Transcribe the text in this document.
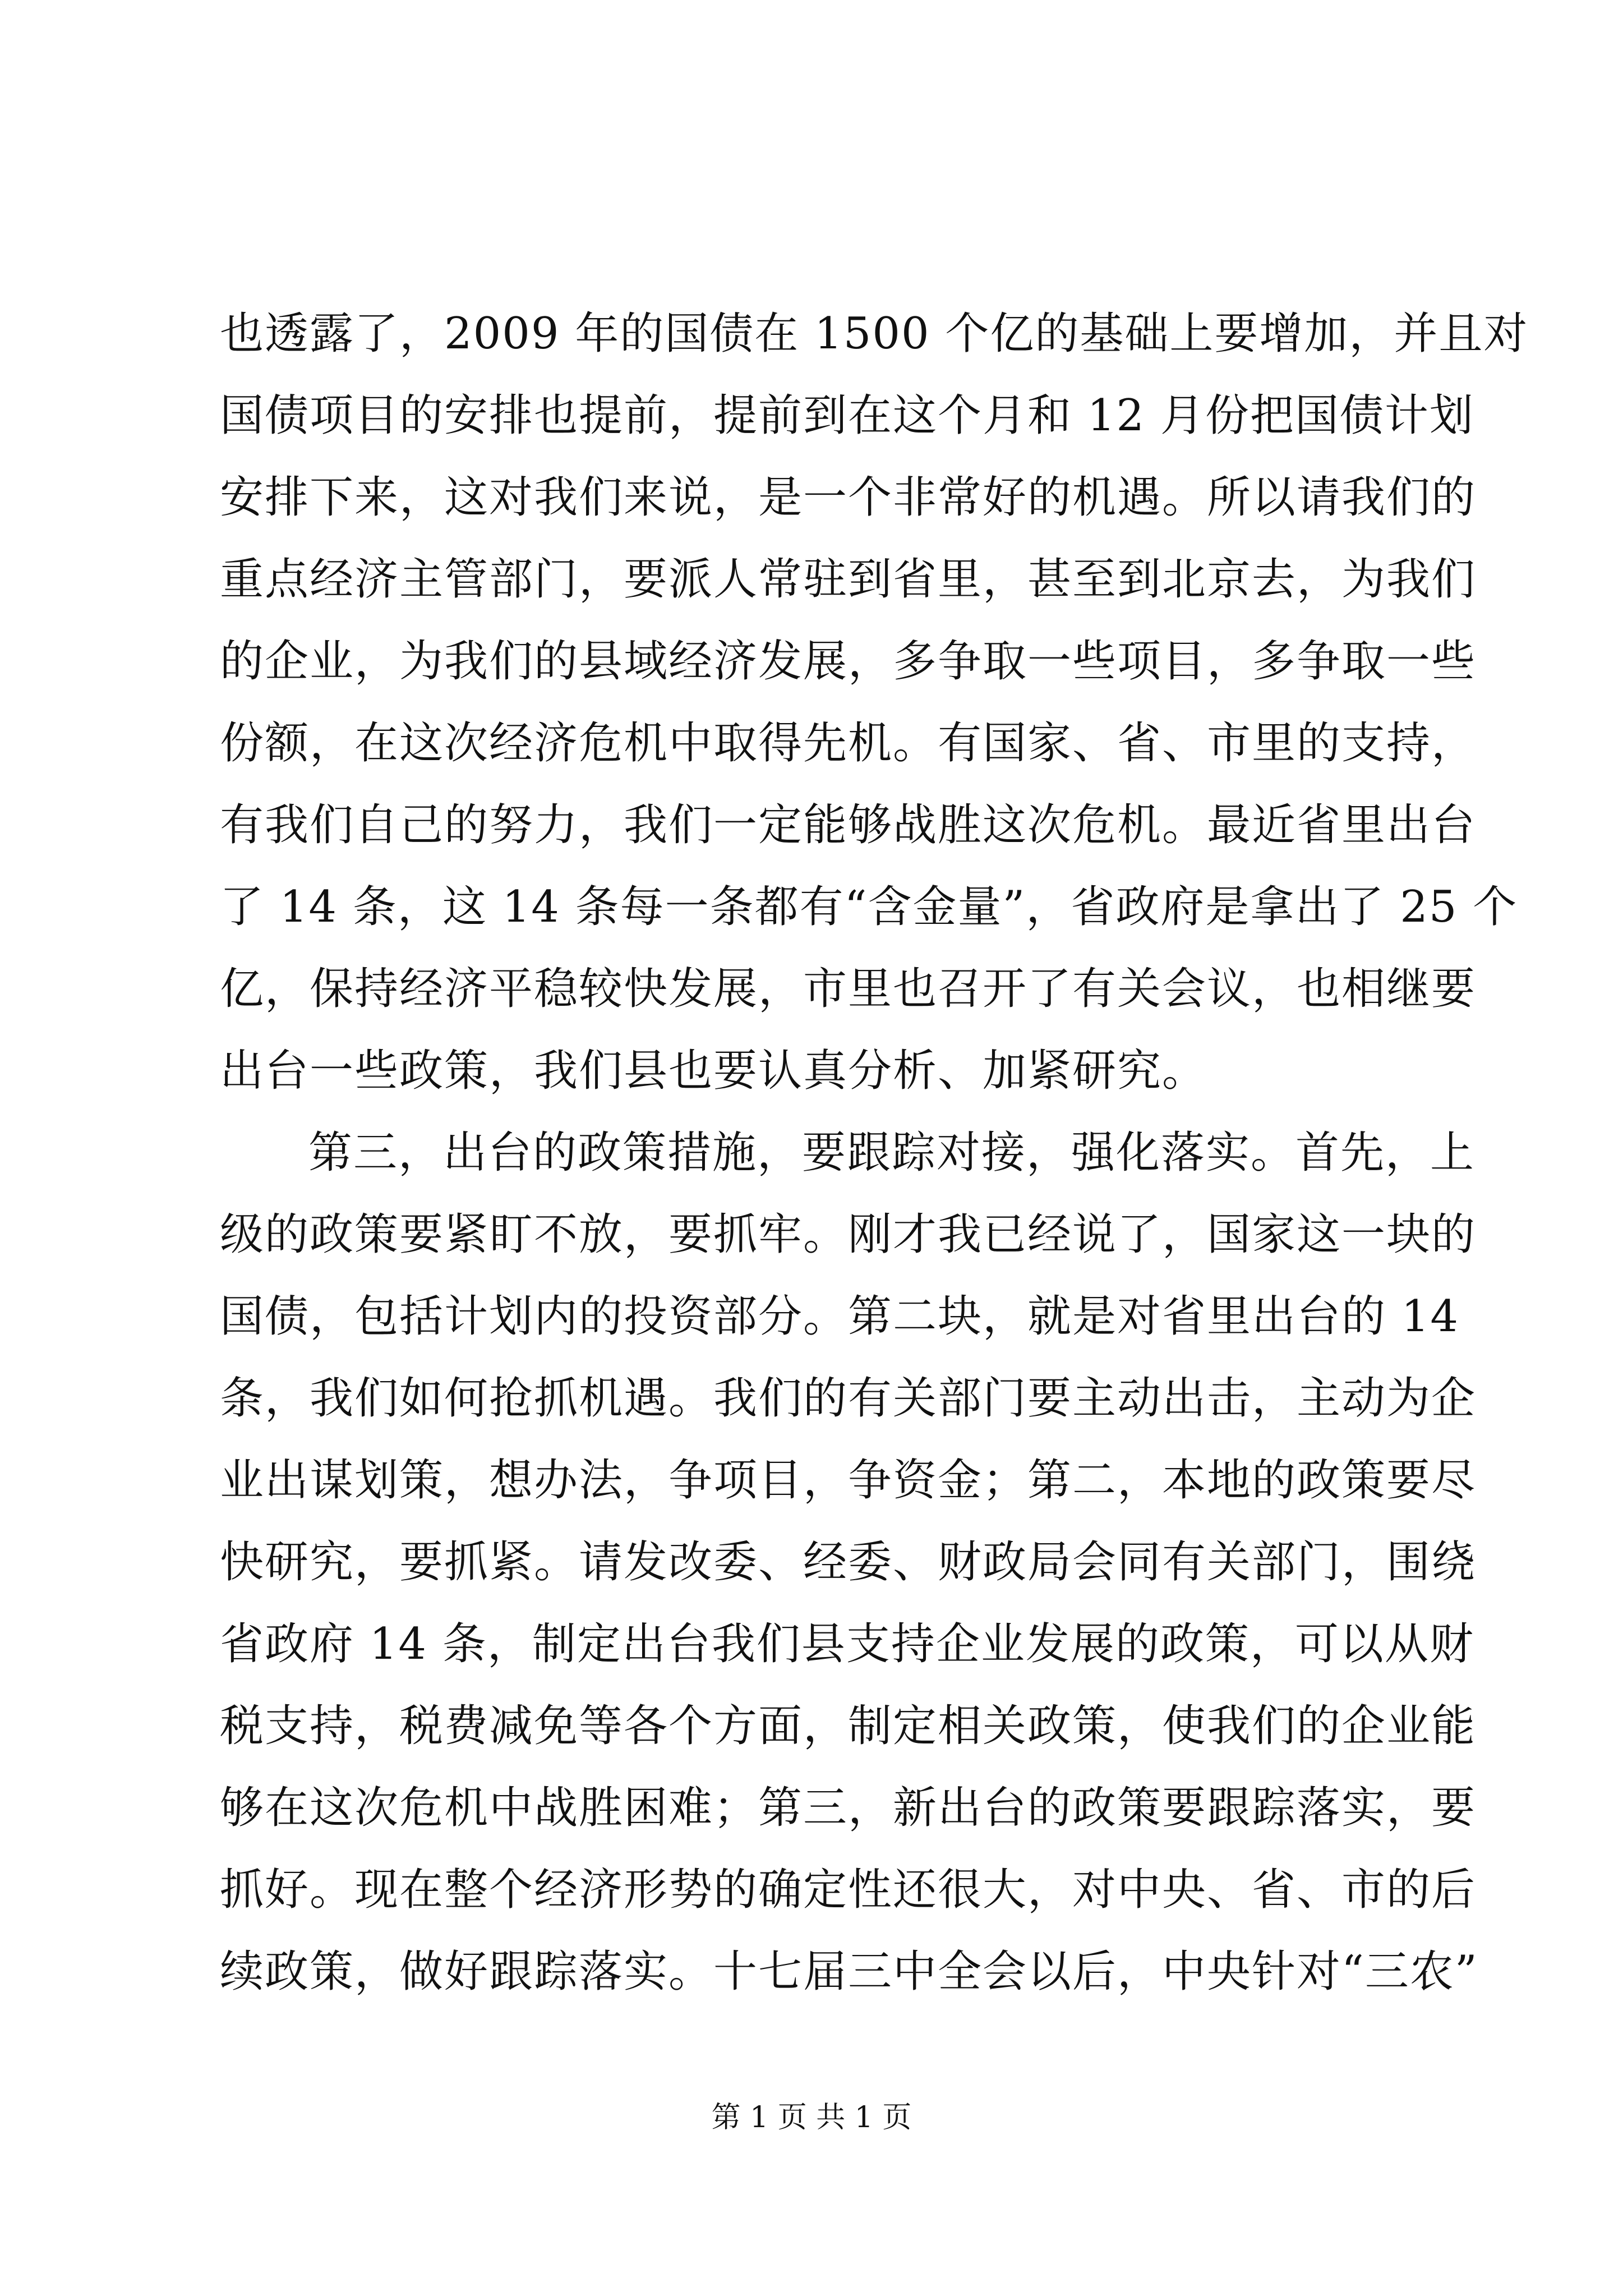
也透露了，2009 年的国债在 1500 个亿的基础上要增加，并且对
国债项目的安排也提前，提前到在这个月和 12 月份把国债计划
安排下来，这对我们来说，是一个非常好的机遇。所以请我们的
重点经济主管部门，要派人常驻到省里，甚至到北京去，为我们
的企业，为我们的县域经济发展，多争取一些项目，多争取一些
份额，在这次经济危机中取得先机。有国家、省、市里的支持，
有我们自己的努力，我们一定能够战胜这次危机。最近省里出台
了 14 条，这 14 条每一条都有“含金量”，省政府是拿出了 25 个
亿，保持经济平稳较快发展，市里也召开了有关会议，也相继要
出台一些政策，我们县也要认真分析、加紧研究。
第三，出台的政策措施，要跟踪对接，强化落实。首先，上
级的政策要紧盯不放，要抓牢。刚才我已经说了，国家这一块的
国债，包括计划内的投资部分。第二块，就是对省里出台的 14
条，我们如何抢抓机遇。我们的有关部门要主动出击，主动为企
业出谋划策，想办法，争项目，争资金；第二，本地的政策要尽
快研究，要抓紧。请发改委、经委、财政局会同有关部门，围绕
省政府 14 条，制定出台我们县支持企业发展的政策，可以从财
税支持，税费减免等各个方面，制定相关政策，使我们的企业能
够在这次危机中战胜困难；第三，新出台的政策要跟踪落实，要
抓好。现在整个经济形势的确定性还很大，对中央、省、市的后
续政策，做好跟踪落实。十七届三中全会以后，中央针对“三农”
第 1 页 共 1 页
